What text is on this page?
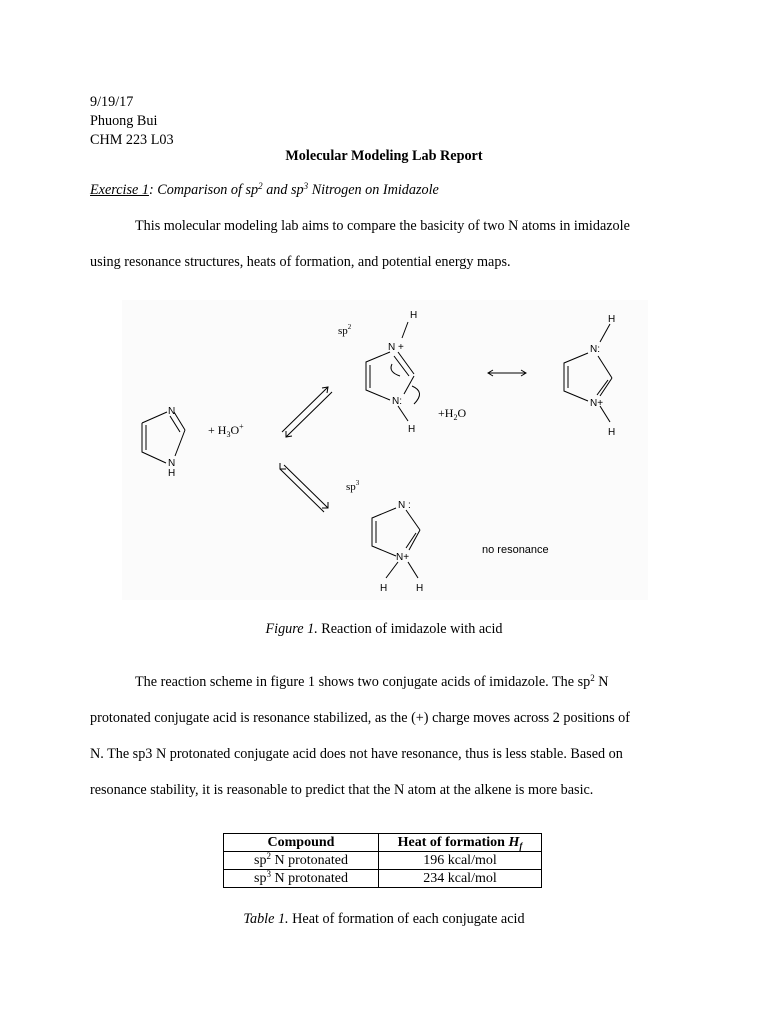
9/19/17
Phuong Bui
CHM 223 L03
Molecular Modeling Lab Report
Exercise 1: Comparison of $sp^2$ and $sp^3$ Nitrogen on Imidazole
This molecular modeling lab aims to compare the basicity of two N atoms in imidazole
using resonance structures, heats of formation, and potential energy maps.
N
N
H
+ $H_3O^+$
$sp^2$
$sp^3$
H
N +
N:
H
$+H_2O$
H
N:
N+
H
N :
N+
H	H
no resonance
Figure 1. Reaction of imidazole with acid
The reaction scheme in figure 1 shows two conjugate acids of imidazole. The $sp^2$ N
protonated conjugate acid is resonance stabilized, as the (+) charge moves across 2 positions of
N. The sp3 N protonated conjugate acid does not have resonance, thus is less stable. Based on
resonance stability, it is reasonable to predict that the N atom at the alkene is more basic.
Compound	Heat of formation $H_f$
$sp^2$ N protonated	196 kcal/mol
$sp^3$ N protonated	234 kcal/mol
Table 1. Heat of formation of each conjugate acid
